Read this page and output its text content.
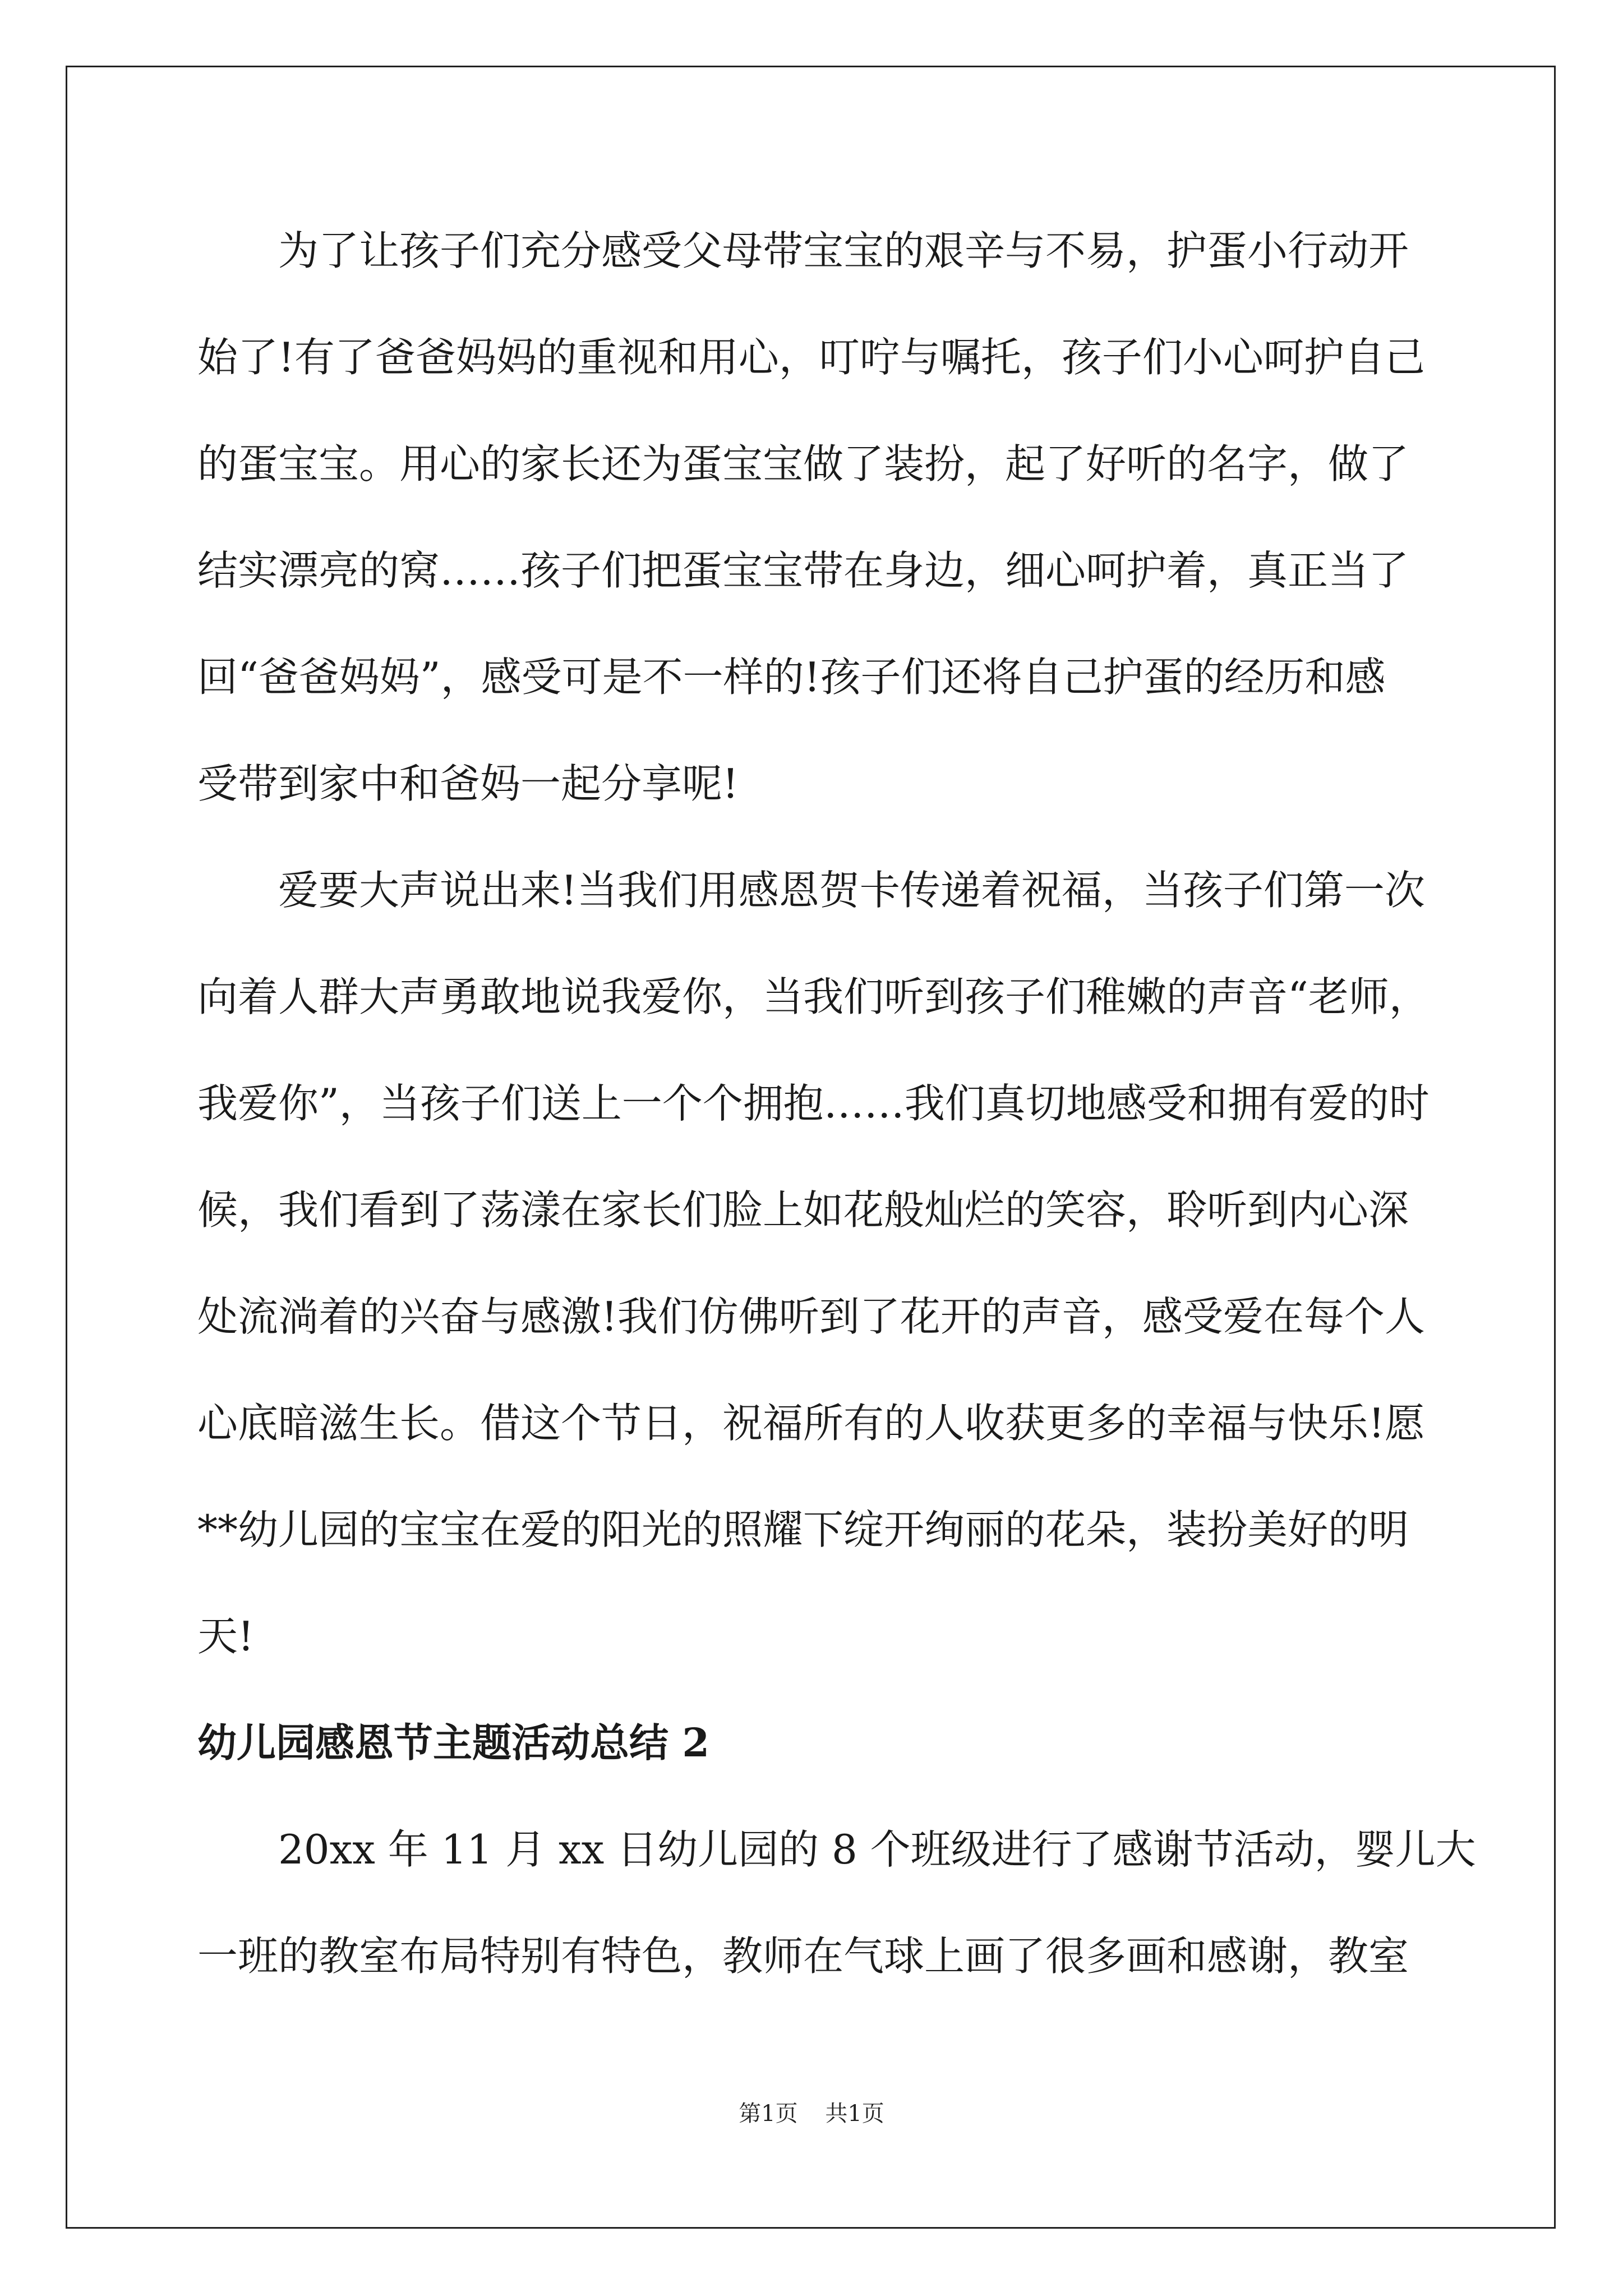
为了让孩子们充分感受父母带宝宝的艰辛与不易，护蛋小行动开

始了!有了爸爸妈妈的重视和用心，叮咛与嘱托，孩子们小心呵护自己

的蛋宝宝。用心的家长还为蛋宝宝做了装扮，起了好听的名字，做了

结实漂亮的窝……孩子们把蛋宝宝带在身边，细心呵护着，真正当了

回“爸爸妈妈”，感受可是不一样的!孩子们还将自己护蛋的经历和感

受带到家中和爸妈一起分享呢!

爱要大声说出来!当我们用感恩贺卡传递着祝福，当孩子们第一次

向着人群大声勇敢地说我爱你，当我们听到孩子们稚嫩的声音“老师，

我爱你”，当孩子们送上一个个拥抱……我们真切地感受和拥有爱的时

候，我们看到了荡漾在家长们脸上如花般灿烂的笑容，聆听到内心深

处流淌着的兴奋与感激!我们仿佛听到了花开的声音，感受爱在每个人

心底暗滋生长。借这个节日，祝福所有的人收获更多的幸福与快乐!愿

**幼儿园的宝宝在爱的阳光的照耀下绽开绚丽的花朵，装扮美好的明

天!

幼儿园感恩节主题活动总结 2

20xx 年 11 月 xx 日幼儿园的 8 个班级进行了感谢节活动，婴儿大

一班的教室布局特别有特色，教师在气球上画了很多画和感谢，教室

第1页 共1页
